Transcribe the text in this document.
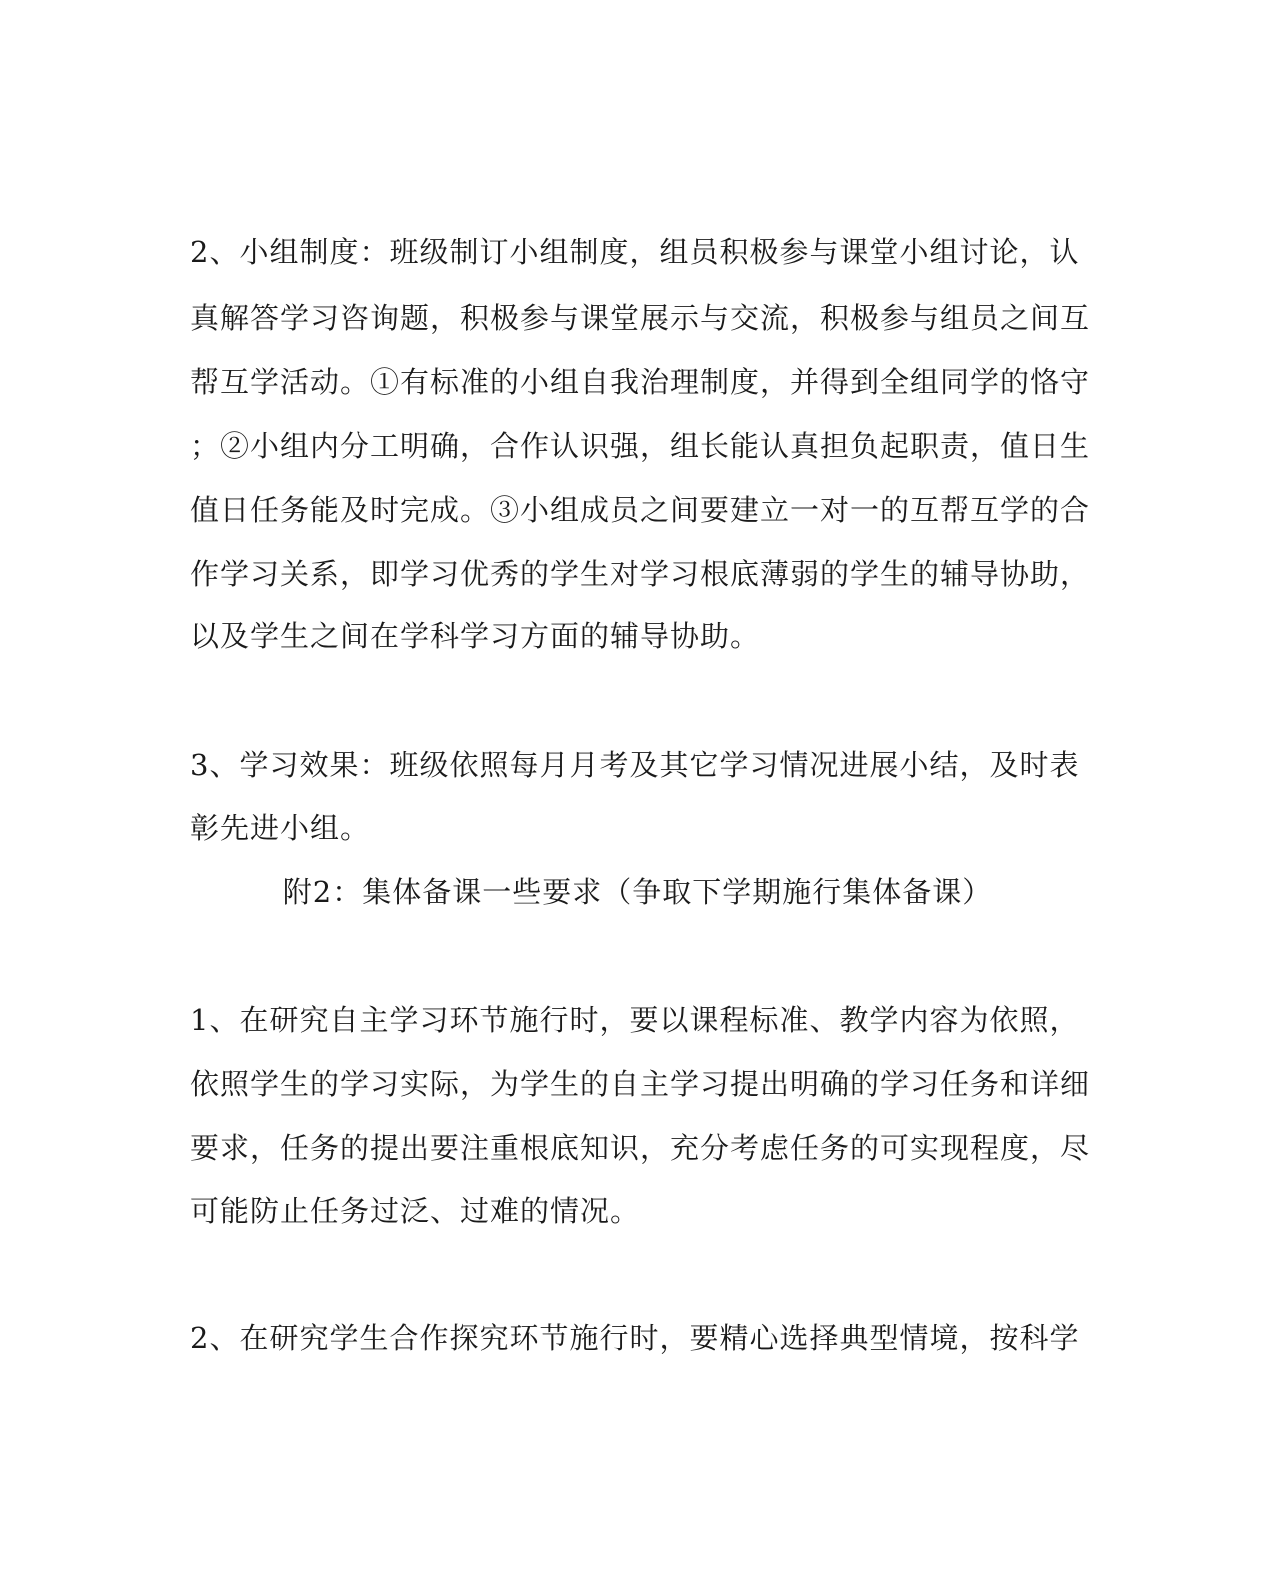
2、小组制度：班级制订小组制度，组员积极参与课堂小组讨论，认
真解答学习咨询题，积极参与课堂展示与交流，积极参与组员之间互
帮互学活动。①有标准的小组自我治理制度，并得到全组同学的恪守
；②小组内分工明确，合作认识强，组长能认真担负起职责，值日生
值日任务能及时完成。③小组成员之间要建立一对一的互帮互学的合
作学习关系，即学习优秀的学生对学习根底薄弱的学生的辅导协助，
以及学生之间在学科学习方面的辅导协助。
3、学习效果：班级依照每月月考及其它学习情况进展小结，及时表
彰先进小组。
附2：集体备课一些要求（争取下学期施行集体备课）
1、在研究自主学习环节施行时，要以课程标准、教学内容为依照，
依照学生的学习实际，为学生的自主学习提出明确的学习任务和详细
要求，任务的提出要注重根底知识，充分考虑任务的可实现程度，尽
可能防止任务过泛、过难的情况。
2、在研究学生合作探究环节施行时，要精心选择典型情境，按科学
